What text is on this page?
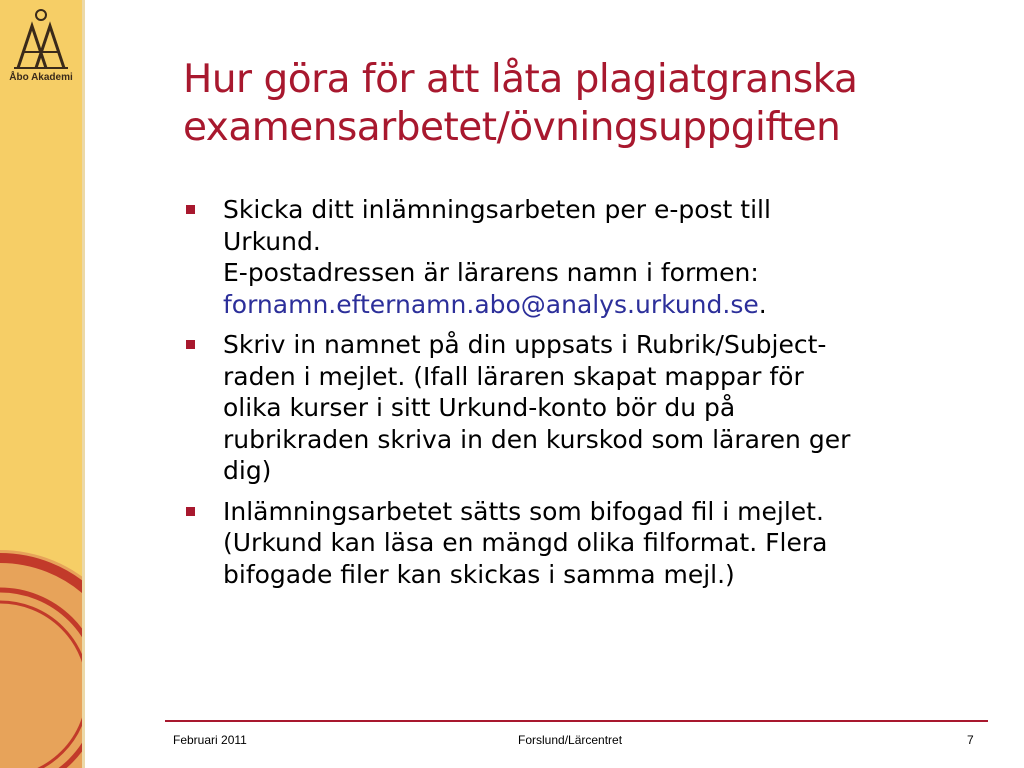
Åbo Akademi	Hur göra för att låta plagiatgranska
examensarbetet/övningsuppgiften
Skicka ditt inlämningsarbeten per e-post till
Urkund.
E-postadressen är lärarens namn i formen:
fornamn.efternamn.abo@analys.urkund.se.
Skriv in namnet på din uppsats i Rubrik/Subject-
raden i mejlet. (Ifall läraren skapat mappar för
olika kurser i sitt Urkund-konto bör du på
rubrikraden skriva in den kurskod som läraren ger
dig)
Inlämningsarbetet sätts som bifogad fil i mejlet.
(Urkund kan läsa en mängd olika filformat. Flera
bifogade filer kan skickas i samma mejl.)
Februari 2011	Forslund/Lärcentret	7
